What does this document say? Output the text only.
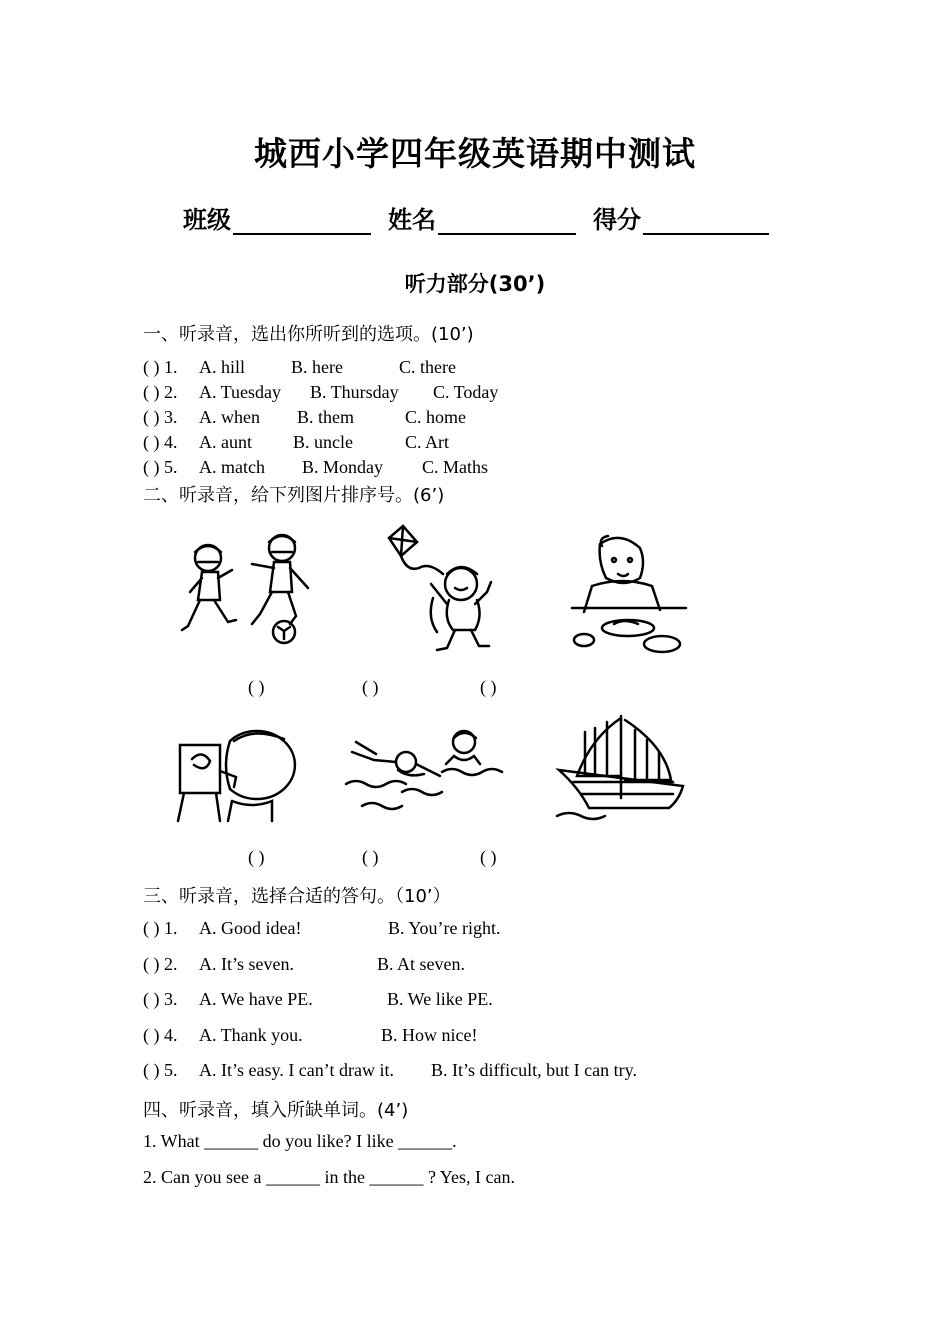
城西小学四年级英语期中测试
班级	姓名	得分
听力部分(30’)
一、听录音，选出你所听到的选项。(10’)
( ) 1. A. hill	B. here	C. there
( ) 2. A. Tuesday B. Thursday C. Today
( ) 3. A. when B. them	C. home
( ) 4. A. aunt B. uncle	C. Art
( ) 5. A. match B. Monday C. Maths
二、听录音，给下列图片排序号。(6’)
( )	( )	( )
( )	( )	( )
三、听录音，选择合适的答句。（10’）
( ) 1. A. Good idea!	B. You’re right.
( ) 2. A. It’s seven.	B. At seven.
( ) 3. A. We have PE.	B. We like PE.
( ) 4. A. Thank you.	B. How nice!
( ) 5. A. It’s easy. I can’t draw it. B. It’s difficult, but I can try.
四、听录音，填入所缺单词。(4’)
1. What ______ do you like? I like ______.
2. Can you see a ______ in the ______ ? Yes, I can.
